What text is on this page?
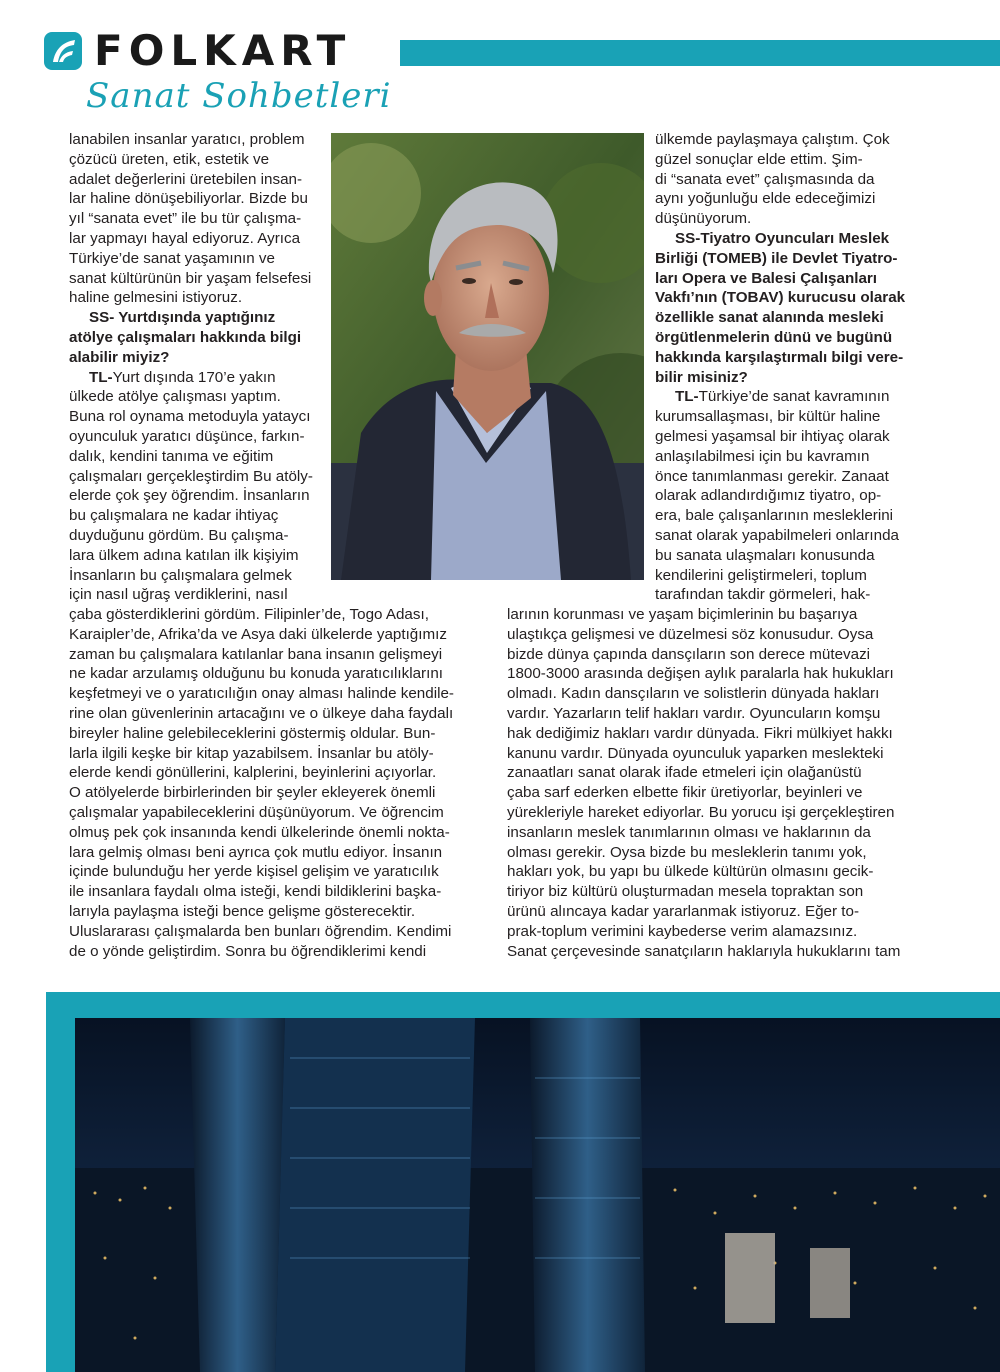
FOLKART
Sanat Sohbetleri
lanabilen insanlar yaratıcı, problem
çözücü üreten, etik, estetik ve
adalet değerlerini üretebilen insan-
lar haline dönüşebiliyorlar. Bizde bu
yıl “sanata evet” ile bu tür çalışma-
lar yapmayı hayal ediyoruz. Ayrıca
Türkiye’de sanat yaşamının ve
sanat kültürünün bir yaşam felsefesi
haline gelmesini istiyoruz.
SS- Yurtdışında yaptığınız
atölye çalışmaları hakkında bilgi
alabilir miyiz?
TL-Yurt dışında 170’e yakın
ülkede atölye çalışması yaptım.
Buna rol oynama metoduyla yataycı
oyunculuk yaratıcı düşünce, farkın-
dalık, kendini tanıma ve eğitim
çalışmaları gerçekleştirdim Bu atöly-
elerde çok şey öğrendim. İnsanların
bu çalışmalara ne kadar ihtiyaç
duyduğunu gördüm. Bu çalışma-
lara ülkem adına katılan ilk kişiyim
İnsanların bu çalışmalara gelmek
için nasıl uğraş verdiklerini, nasıl
çaba gösterdiklerini gördüm. Filipinler’de, Togo Adası,
Karaipler’de, Afrika’da ve Asya daki ülkelerde yaptığımız
zaman bu çalışmalara katılanlar bana insanın gelişmeyi
ne kadar arzulamış olduğunu bu konuda yaratıcılıklarını
keşfetmeyi ve o yaratıcılığın onay alması halinde kendile-
rine olan güvenlerinin artacağını ve o ülkeye daha faydalı
bireyler haline gelebileceklerini göstermiş oldular. Bun-
larla ilgili keşke bir kitap yazabilsem. İnsanlar bu atöly-
elerde kendi gönüllerini, kalplerini, beyinlerini açıyorlar.
O atölyelerde birbirlerinden bir şeyler ekleyerek önemli
çalışmalar yapabileceklerini düşünüyorum. Ve öğrencim
olmuş pek çok insanında kendi ülkelerinde önemli nokta-
lara gelmiş olması beni ayrıca çok mutlu ediyor. İnsanın
içinde bulunduğu her yerde kişisel gelişim ve yaratıcılık
ile insanlara faydalı olma isteği, kendi bildiklerini başka-
larıyla paylaşma isteği bence gelişme gösterecektir.
Uluslararası çalışmalarda ben bunları öğrendim. Kendimi
de o yönde geliştirdim. Sonra bu öğrendiklerimi kendi
ülkemde paylaşmaya çalıştım. Çok
güzel sonuçlar elde ettim. Şim-
di “sanata evet” çalışmasında da
aynı yoğunluğu elde edeceğimizi
düşünüyorum.
SS-Tiyatro Oyuncuları Meslek
Birliği (TOMEB) ile Devlet Tiyatro-
ları Opera ve Balesi Çalışanları
Vakfı’nın (TOBAV) kurucusu olarak
özellikle sanat alanında mesleki
örgütlenmelerin dünü ve bugünü
hakkında karşılaştırmalı bilgi vere-
bilir misiniz?
TL-Türkiye’de sanat kavramının
kurumsallaşması, bir kültür haline
gelmesi yaşamsal bir ihtiyaç olarak
anlaşılabilmesi için bu kavramın
önce tanımlanması gerekir. Zanaat
olarak adlandırdığımız tiyatro, op-
era, bale çalışanlarının mesleklerini
sanat olarak yapabilmeleri onlarında
bu sanata ulaşmaları konusunda
kendilerini geliştirmeleri, toplum
tarafından takdir görmeleri, hak-
larının korunması ve yaşam biçimlerinin bu başarıya
ulaştıkça gelişmesi ve düzelmesi söz konusudur. Oysa
bizde dünya çapında dansçıların son derece mütevazi
1800-3000 arasında değişen aylık paralarla hak hukukları
olmadı. Kadın dansçıların ve solistlerin dünyada hakları
vardır. Yazarların telif hakları vardır. Oyuncuların komşu
hak dediğimiz hakları vardır dünyada. Fikri mülkiyet hakkı
kanunu vardır. Dünyada oyunculuk yaparken meslekteki
zanaatları sanat olarak ifade etmeleri için olağanüstü
çaba sarf ederken elbette fikir üretiyorlar, beyinleri ve
yürekleriyle hareket ediyorlar. Bu yorucu işi gerçekleştiren
insanların meslek tanımlarının olması ve haklarının da
olması gerekir. Oysa bizde bu mesleklerin tanımı yok,
hakları yok, bu yapı bu ülkede kültürün olmasını gecik-
tiriyor biz kültürü oluşturmadan mesela topraktan son
ürünü alıncaya kadar yararlanmak istiyoruz. Eğer to-
prak-toplum verimini kaybederse verim alamazsınız.
Sanat çerçevesinde sanatçıların haklarıyla hukuklarını tam
